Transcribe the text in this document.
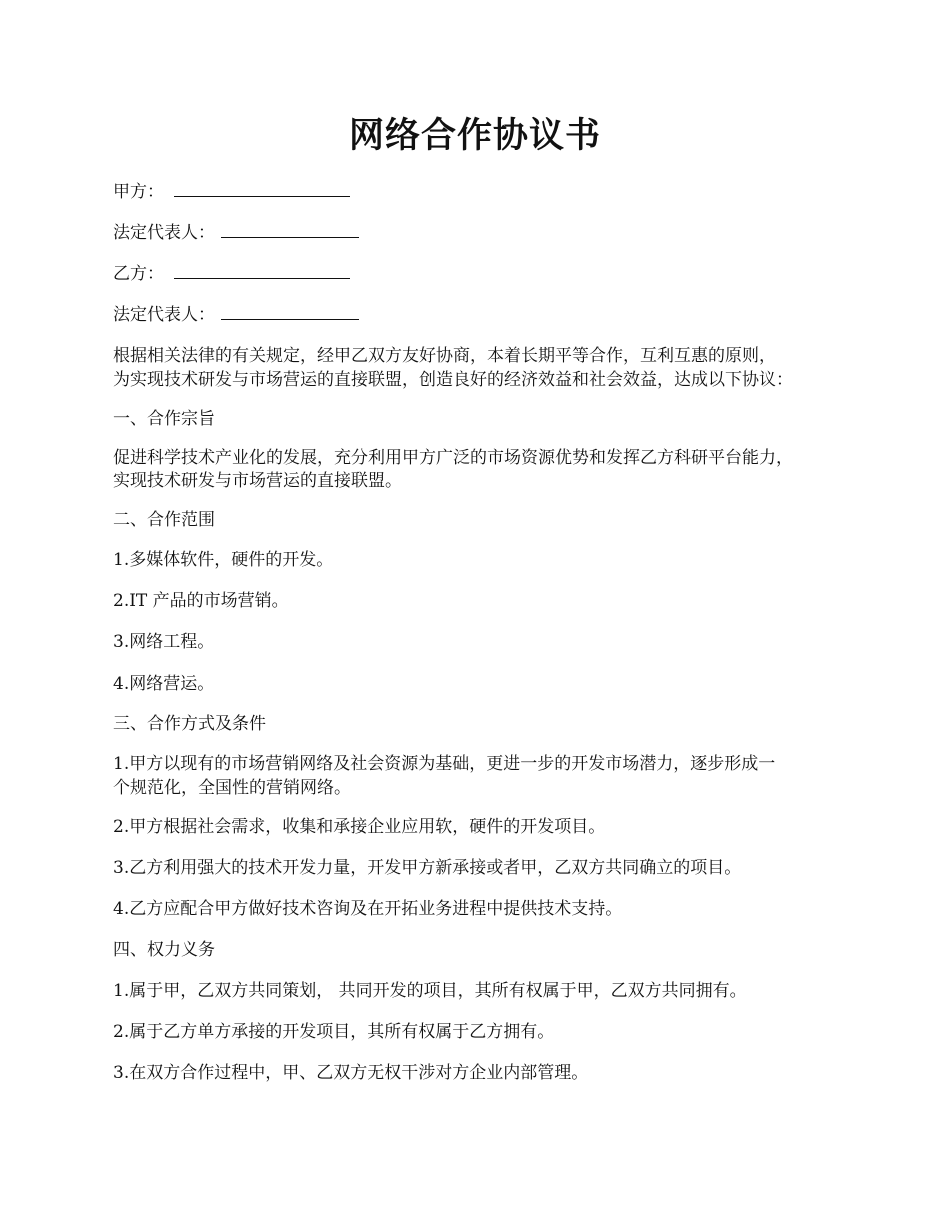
网络合作协议书
甲方：
法定代表人：
乙方：
法定代表人：
根据相关法律的有关规定，经甲乙双方友好协商，本着长期平等合作，互利互惠的原则，
为实现技术研发与市场营运的直接联盟，创造良好的经济效益和社会效益，达成以下协议：
一、合作宗旨
促进科学技术产业化的发展，充分利用甲方广泛的市场资源优势和发挥乙方科研平台能力，
实现技术研发与市场营运的直接联盟。
二、合作范围
1.多媒体软件，硬件的开发。
2.IT 产品的市场营销。
3.网络工程。
4.网络营运。
三、合作方式及条件
1.甲方以现有的市场营销网络及社会资源为基础，更进一步的开发市场潜力，逐步形成一
个规范化，全国性的营销网络。
2.甲方根据社会需求，收集和承接企业应用软，硬件的开发项目。
3.乙方利用强大的技术开发力量，开发甲方新承接或者甲，乙双方共同确立的项目。
4.乙方应配合甲方做好技术咨询及在开拓业务进程中提供技术支持。
四、权力义务
1.属于甲，乙双方共同策划， 共同开发的项目，其所有权属于甲，乙双方共同拥有。
2.属于乙方单方承接的开发项目，其所有权属于乙方拥有。
3.在双方合作过程中，甲、乙双方无权干涉对方企业内部管理。
